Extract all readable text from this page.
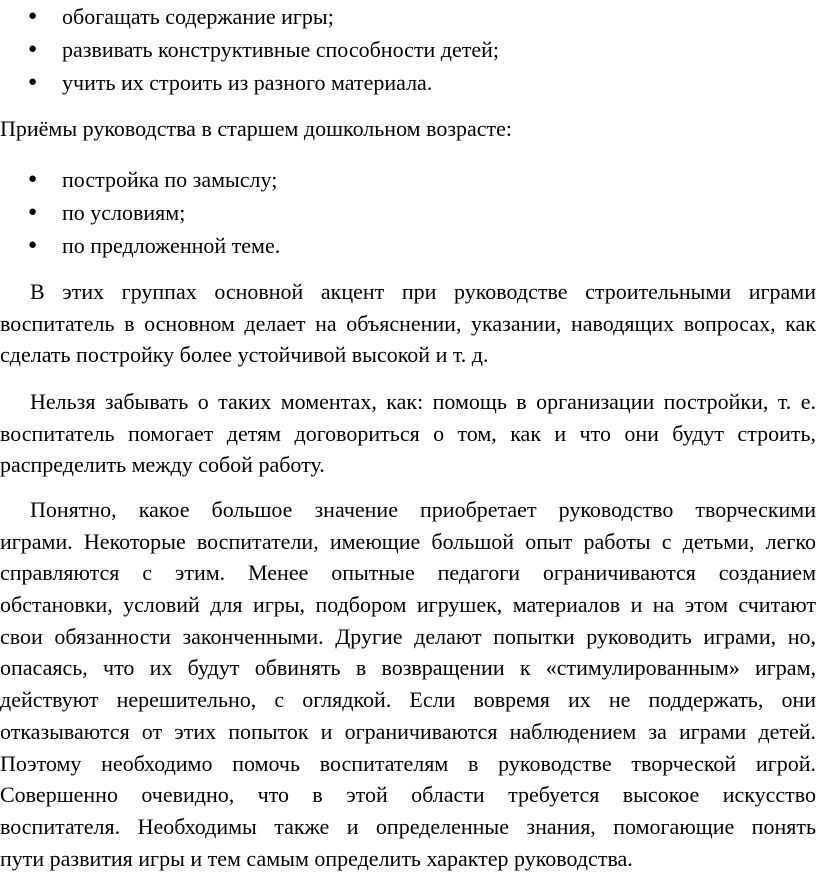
● обогащать содержание игры;
● развивать конструктивные способности детей;
● учить их строить из разного материала.

Приёмы руководства в старшем дошкольном возрасте:

● постройка по замыслу;
● по условиям;
● по предложенной теме.
В этих группах основной акцент при руководстве строительными играми
воспитатель в основном делает на объяснении, указании, наводящих вопросах, как
сделать постройку более устойчивой высокой и т. д.
Нельзя забывать о таких моментах, как: помощь в организации постройки, т. е.
воспитатель помогает детям договориться о том, как и что они будут строить,
распределить между собой работу.
Понятно, какое большое значение приобретает руководство творческими
играми. Некоторые воспитатели, имеющие большой опыт работы с детьми, легко
справляются с этим. Менее опытные педагоги ограничиваются созданием
обстановки, условий для игры, подбором игрушек, материалов и на этом считают
свои обязанности законченными. Другие делают попытки руководить играми, но,
опасаясь, что их будут обвинять в возвращении к «стимулированным» играм,
действуют нерешительно, с оглядкой. Если вовремя их не поддержать, они
отказываются от этих попыток и ограничиваются наблюдением за играми детей.
Поэтому необходимо помочь воспитателям в руководстве творческой игрой.
Совершенно очевидно, что в этой области требуется высокое искусство
воспитателя. Необходимы также и определенные знания, помогающие понять
пути развития игры и тем самым определить характер руководства.
